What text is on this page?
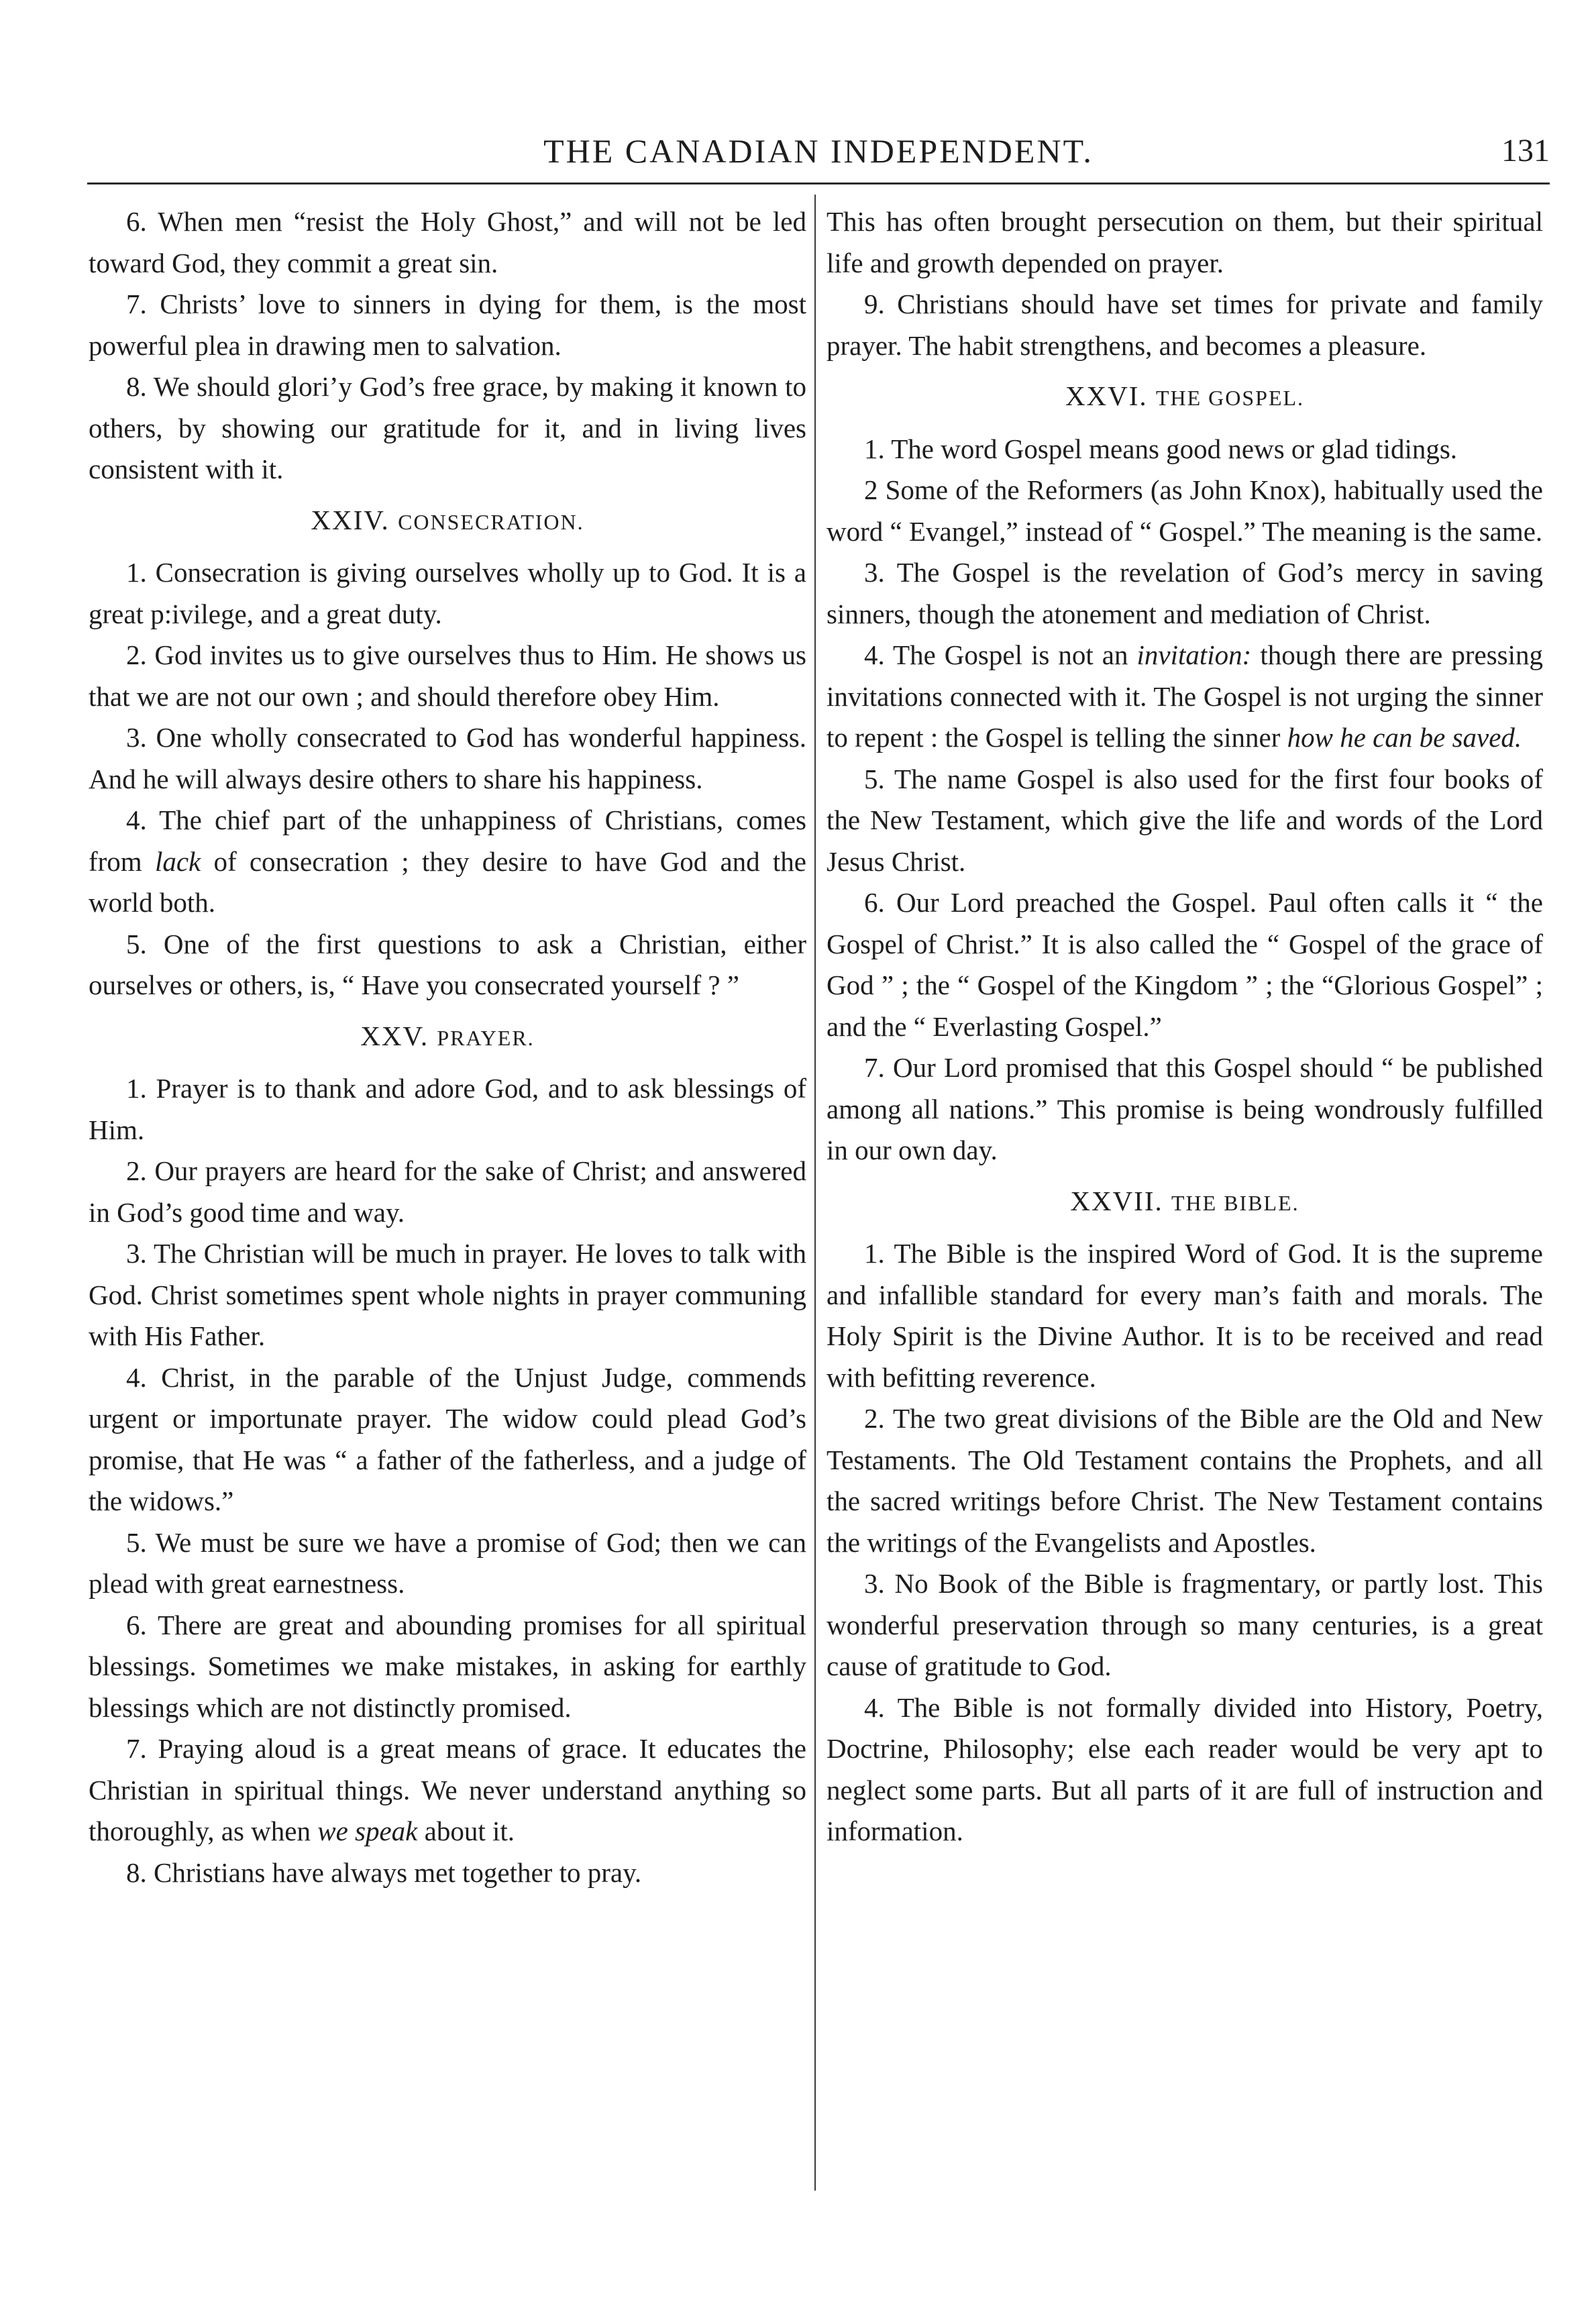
THE CANADIAN INDEPENDENT.	131

6. When men “resist the Holy Ghost,” and will not be led toward God, they commit a great sin.

7. Christs’ love to sinners in dying for them, is the most powerful plea in drawing men to salvation.

8. We should glori’y God’s free grace, by making it known to others, by showing our gratitude for it, and in living lives consistent with it.

XXIV. CONSECRATION.

1. Consecration is giving ourselves wholly up to God. It is a great p:ivilege, and a great duty.

2. God invites us to give ourselves thus to Him. He shows us that we are not our own ; and should therefore obey Him.

3. One wholly consecrated to God has wonderful happiness. And he will always desire others to share his happiness.

4. The chief part of the unhappiness of Christians, comes from lack of consecration ; they desire to have God and the world both.

5. One of the first questions to ask a Christian, either ourselves or others, is, “ Have you consecrated yourself ? ”

XXV. PRAYER.

1. Prayer is to thank and adore God, and to ask blessings of Him.

2. Our prayers are heard for the sake of Christ; and answered in God’s good time and way.

3. The Christian will be much in prayer. He loves to talk with God. Christ sometimes spent whole nights in prayer communing with His Father.

4. Christ, in the parable of the Unjust Judge, commends urgent or importunate prayer. The widow could plead God’s promise, that He was “ a father of the fatherless, and a judge of the widows.”

5. We must be sure we have a promise of God; then we can plead with great earnestness.

6. There are great and abounding promises for all spiritual blessings. Sometimes we make mistakes, in asking for earthly blessings which are not distinctly promised.

7. Praying aloud is a great means of grace. It educates the Christian in spiritual things. We never understand anything so thoroughly, as when we speak about it.

8. Christians have always met together to pray.

This has often brought persecution on them, but their spiritual life and growth depended on prayer.

9. Christians should have set times for private and family prayer. The habit strengthens, and becomes a pleasure.

XXVI. THE GOSPEL.

1. The word Gospel means good news or glad tidings.

2 Some of the Reformers (as John Knox), habitually used the word “ Evangel,” instead of “ Gospel.” The meaning is the same.

3. The Gospel is the revelation of God’s mercy in saving sinners, though the atonement and mediation of Christ.

4. The Gospel is not an invitation: though there are pressing invitations connected with it. The Gospel is not urging the sinner to repent : the Gospel is telling the sinner how he can be saved.

5. The name Gospel is also used for the first four books of the New Testament, which give the life and words of the Lord Jesus Christ.

6. Our Lord preached the Gospel. Paul often calls it “ the Gospel of Christ.” It is also called the “ Gospel of the grace of God ” ; the “ Gospel of the Kingdom ” ; the “Glorious Gospel” ; and the “ Everlasting Gospel.”

7. Our Lord promised that this Gospel should “ be published among all nations.” This promise is being wondrously fulfilled in our own day.

XXVII. THE BIBLE.

1. The Bible is the inspired Word of God. It is the supreme and infallible standard for every man’s faith and morals. The Holy Spirit is the Divine Author. It is to be received and read with befitting reverence.

2. The two great divisions of the Bible are the Old and New Testaments. The Old Testament contains the Prophets, and all the sacred writings before Christ. The New Testament contains the writings of the Evangelists and Apostles.

3. No Book of the Bible is fragmentary, or partly lost. This wonderful preservation through so many centuries, is a great cause of gratitude to God.

4. The Bible is not formally divided into History, Poetry, Doctrine, Philosophy; else each reader would be very apt to neglect some parts. But all parts of it are full of instruction and information.
